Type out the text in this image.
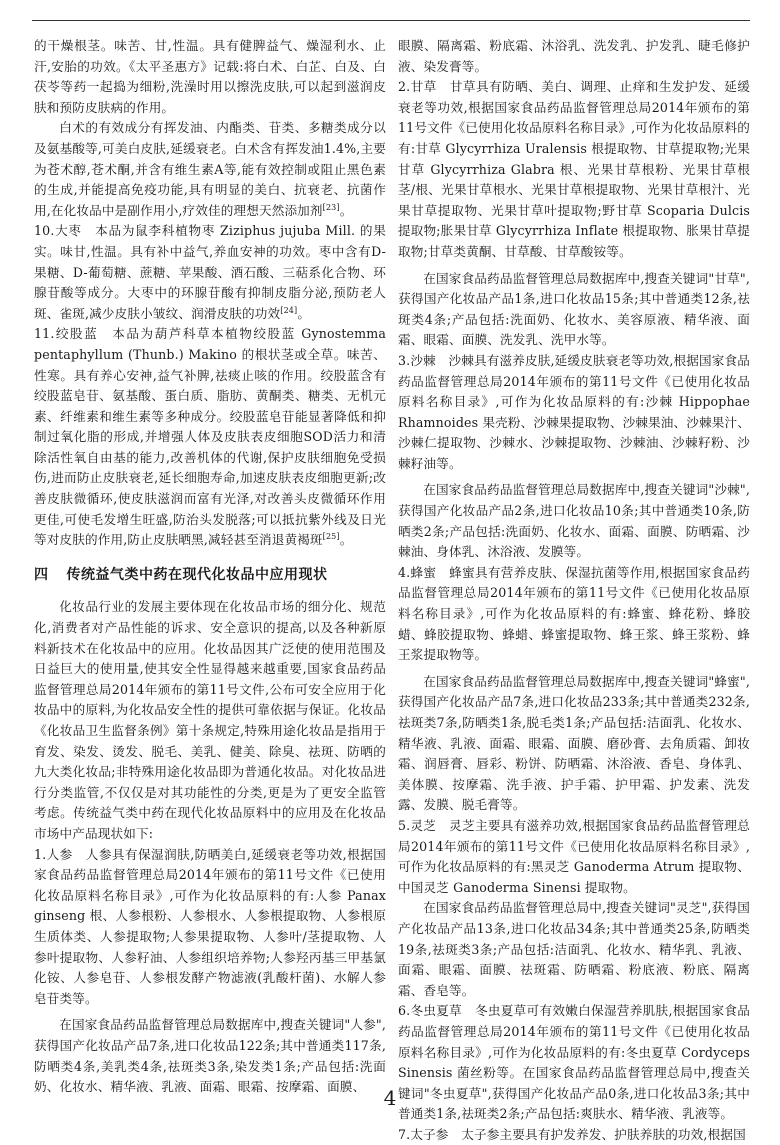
的干燥根茎。味苦、甘,性温。具有健脾益气、燥湿利水、止汗,安胎的功效。《太平圣惠方》记载:将白术、白芷、白及、白茯苓等药一起捣为细粉,洗澡时用以擦洗皮肤,可以起到滋润皮肤和预防皮肤病的作用。

白术的有效成分有挥发油、内酯类、苷类、多糖类成分以及氨基酸等,可美白皮肤,延缓衰老。白术含有挥发油1.4%,主要为苍术醇,苍术酮,并含有维生素A等,能有效控制或阻止黑色素的生成,并能提高免疫功能,具有明显的美白、抗衰老、抗菌作用,在化妆品中是副作用小,疗效佳的理想天然添加剂[23]。

10.大枣　本品为鼠李科植物枣 Ziziphus jujuba Mill. 的果实。味甘,性温。具有补中益气,养血安神的功效。枣中含有D-果糖、D-葡萄糖、蔗糖、苹果酸、酒石酸、三萜系化合物、环腺苷酸等成分。大枣中的环腺苷酸有抑制皮脂分泌,预防老人斑、雀斑,减少皮肤小皱纹、润滑皮肤的功效[24]。

11.绞股蓝　本品为葫芦科草本植物绞股蓝 Gynostemma pentaphyllum (Thunb.) Makino 的根状茎或全草。味苦、性寒。具有养心安神,益气补脾,祛痰止咳的作用。绞股蓝含有绞股蓝皂苷、氨基酸、蛋白质、脂肪、黄酮类、糖类、无机元素、纤维素和维生素等多种成分。绞股蓝皂苷能显著降低和抑制过氧化脂的形成,并增强人体及皮肤表皮细胞SOD活力和清除活性氧自由基的能力,改善机体的代谢,保护皮肤细胞免受损伤,进而防止皮肤衰老,延长细胞寿命,加速皮肤表皮细胞更新;改善皮肤微循环,使皮肤滋润而富有光泽,对改善头皮微循环作用更佳,可使毛发增生旺盛,防治头发脱落;可以抵抗紫外线及日光等对皮肤的作用,防止皮肤晒黑,减轻甚至消退黄褐斑[25]。

四 传统益气类中药在现代化妆品中应用现状

化妆品行业的发展主要体现在化妆品市场的细分化、规范化,消费者对产品性能的诉求、安全意识的提高,以及各种新原料新技术在化妆品中的应用。化妆品因其广泛使的使用范围及日益巨大的使用量,使其安全性显得越来越重要,国家食品药品监督管理总局2014年颁布的第11号文件,公布可安全应用于化妆品中的原料,为化妆品安全性的提供可靠依据与保证。化妆品《化妆品卫生监督条例》第十条规定,特殊用途化妆品是指用于育发、染发、烫发、脱毛、美乳、健美、除臭、祛斑、防晒的九大类化妆品;非特殊用途化妆品即为普通化妆品。对化妆品进行分类监管,不仅仅是对其功能性的分类,更是为了更安全监管考虑。传统益气类中药在现代化妆品原料中的应用及在化妆品市场中产品现状如下:

1.人参　人参具有保湿润肤,防晒美白,延缓衰老等功效,根据国家食品药品监督管理总局2014年颁布的第11号文件《已使用化妆品原料名称目录》,可作为化妆品原料的有:人参 Panax ginseng 根、人参根粉、人参根水、人参根提取物、人参根原生质体类、人参提取物;人参果提取物、人参叶/茎提取物、人参叶提取物、人参籽油、人参组织培养物;人参羟丙基三甲基氯化铵、人参皂苷、人参根发酵产物滤液(乳酸杆菌)、水解人参皂苷类等。

在国家食品药品监督管理总局数据库中,搜查关键词"人参",获得国产化妆品产品7条,进口化妆品122条;其中普通类117条,防晒类4条,美乳类4条,祛斑类3条,染发类1条;产品包括:洗面奶、化妆水、精华液、乳液、面霜、眼霜、按摩霜、面膜、

眼膜、隔离霜、粉底霜、沐浴乳、洗发乳、护发乳、睫毛修护液、染发膏等。

2.甘草　甘草具有防晒、美白、调理、止痒和生发护发、延缓衰老等功效,根据国家食品药品监督管理总局2014年颁布的第11号文件《已使用化妆品原料名称目录》,可作为化妆品原料的有:甘草 Glycyrrhiza Uralensis 根提取物、甘草提取物;光果甘草 Glycyrrhiza Glabra 根、光果甘草根粉、光果甘草根茎/根、光果甘草根水、光果甘草根提取物、光果甘草根汁、光果甘草提取物、光果甘草叶提取物;野甘草 Scoparia Dulcis 提取物;胀果甘草 Glycyrrhiza Inflate 根提取物、胀果甘草提取物;甘草类黄酮、甘草酸、甘草酸铵等。

在国家食品药品监督管理总局数据库中,搜查关键词"甘草",获得国产化妆品产品1条,进口化妆品15条;其中普通类12条,祛斑类4条;产品包括:洗面奶、化妆水、美容原液、精华液、面霜、眼霜、面膜、洗发乳、洗甲水等。

3.沙棘　沙棘具有滋养皮肤,延缓皮肤衰老等功效,根据国家食品药品监督管理总局2014年颁布的第11号文件《已使用化妆品原料名称目录》,可作为化妆品原料的有:沙棘 Hippophae Rhamnoides 果壳粉、沙棘果提取物、沙棘果油、沙棘果汁、沙棘仁提取物、沙棘水、沙棘提取物、沙棘油、沙棘籽粉、沙棘籽油等。

在国家食品药品监督管理总局数据库中,搜查关键词"沙棘",获得国产化妆品产品2条,进口化妆品10条;其中普通类10条,防晒类2条;产品包括:洗面奶、化妆水、面霜、面膜、防晒霜、沙棘油、身体乳、沐浴液、发膜等。

4.蜂蜜　蜂蜜具有营养皮肤、保湿抗菌等作用,根据国家食品药品监督管理总局2014年颁布的第11号文件《已使用化妆品原料名称目录》,可作为化妆品原料的有:蜂蜜、蜂花粉、蜂胶蜡、蜂胶提取物、蜂蜡、蜂蜜提取物、蜂王浆、蜂王浆粉、蜂王浆提取物等。

在国家食品药品监督管理总局数据库中,搜查关键词"蜂蜜",获得国产化妆品产品7条,进口化妆品233条;其中普通类232条,祛斑类7条,防晒类1条,脱毛类1条;产品包括:洁面乳、化妆水、精华液、乳液、面霜、眼霜、面膜、磨砂膏、去角质霜、卸妆霜、润唇膏、唇彩、粉饼、防晒霜、沐浴液、香皂、身体乳、美体膜、按摩霜、洗手液、护手霜、护甲霜、护发素、洗发露、发膜、脱毛膏等。

5.灵芝　灵芝主要具有滋养功效,根据国家食品药品监督管理总局2014年颁布的第11号文件《已使用化妆品原料名称目录》,可作为化妆品原料的有:黑灵芝 Ganoderma Atrum 提取物、中国灵芝 Ganoderma Sinensi 提取物。

在国家食品药品监督管理总局中,搜查关键词"灵芝",获得国产化妆品产品13条,进口化妆品34条;其中普通类25条,防晒类19条,祛斑类3条;产品包括:洁面乳、化妆水、精华乳、乳液、面霜、眼霜、面膜、祛斑霜、防晒霜、粉底液、粉底、隔离霜、香皂等。

6.冬虫夏草　冬虫夏草可有效嫩白保湿营养肌肤,根据国家食品药品监督管理总局2014年颁布的第11号文件《已使用化妆品原料名称目录》,可作为化妆品原料的有:冬虫夏草 Cordyceps Sinensis 菌丝粉等。在国家食品药品监督管理总局中,搜查关键词"冬虫夏草",获得国产化妆品产品0条,进口化妆品3条;其中普通类1条,祛斑类2条;产品包括:爽肤水、精华液、乳液等。

7.太子参　太子参主要具有护发养发、护肤养肤的功效,根据国

4
